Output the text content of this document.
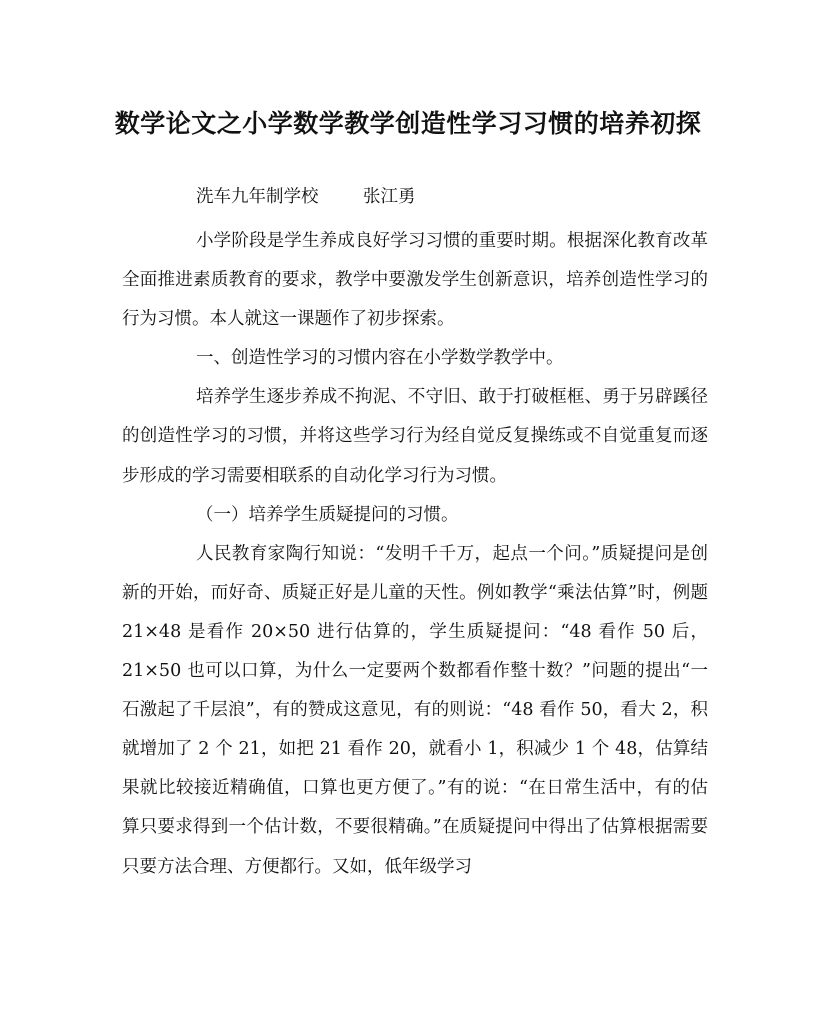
数学论文之小学数学教学创造性学习习惯的培养初探
洗车九年制学校        张江勇

小学阶段是学生养成良好学习习惯的重要时期。根据深化教育改革全面推进素质教育的要求，教学中要激发学生创新意识，培养创造性学习的行为习惯。本人就这一课题作了初步探索。

一、创造性学习的习惯内容在小学数学教学中。

培养学生逐步养成不拘泥、不守旧、敢于打破框框、勇于另辟蹊径的创造性学习的习惯，并将这些学习行为经自觉反复操练或不自觉重复而逐步形成的学习需要相联系的自动化学习行为习惯。

（一）培养学生质疑提问的习惯。

人民教育家陶行知说：“发明千千万，起点一个问。”质疑提问是创新的开始，而好奇、质疑正好是儿童的天性。例如教学“乘法估算”时，例题 21×48 是看作 20×50 进行估算的，学生质疑提问：“48 看作 50 后，21×50 也可以口算，为什么一定要两个数都看作整十数？”问题的提出“一石激起了千层浪”，有的赞成这意见，有的则说：“48 看作 50，看大 2，积就增加了 2 个 21，如把 21 看作 20，就看小 1，积减少 1 个 48，估算结果就比较接近精确值，口算也更方便了。”有的说：“在日常生活中，有的估算只要求得到一个估计数，不要很精确。”在质疑提问中得出了估算根据需要只要方法合理、方便都行。又如，低年级学习
